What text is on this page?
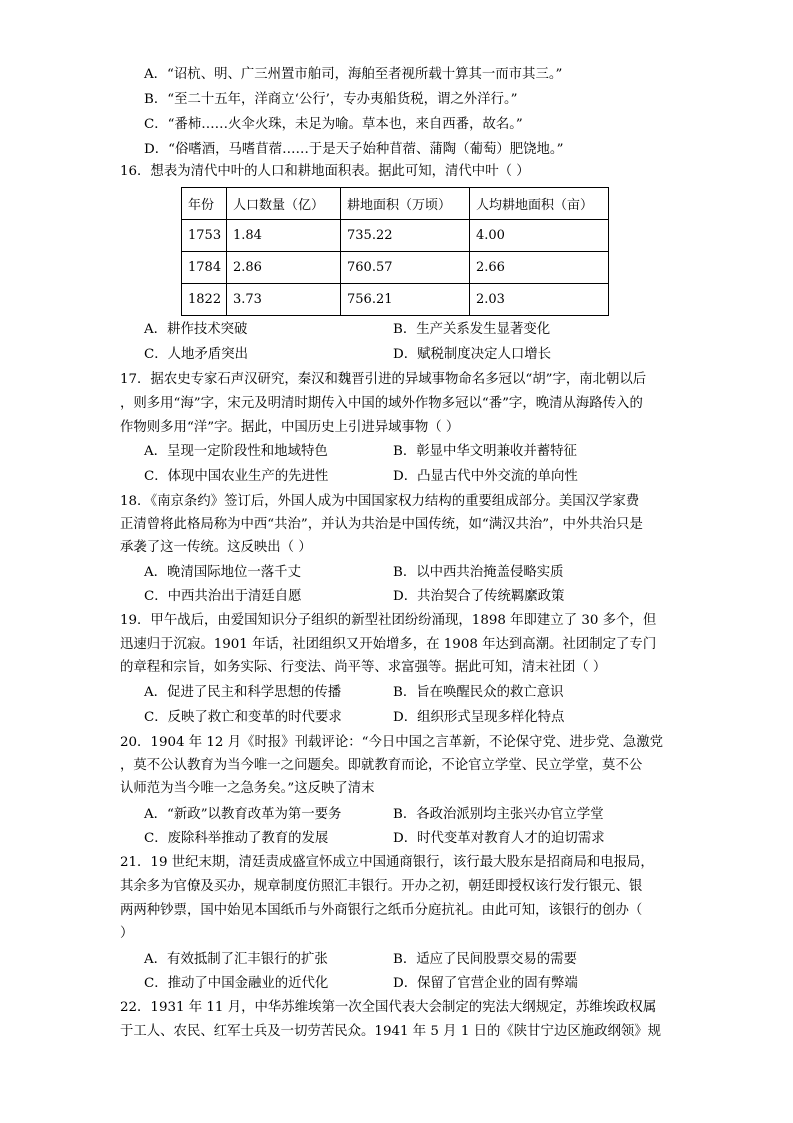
A．“诏杭、明、广三州置市舶司，海舶至者视所载十算其一而市其三。”
B．“至二十五年，洋商立‘公行’，专办夷船货税，谓之外洋行。”
C．“番柿……火伞火珠，未足为喻。草本也，来自西番，故名。”
D．“俗嗜酒，马嗜苜蓿……于是天子始种苜蓿、蒲陶（葡萄）肥饶地。”
16．想表为清代中叶的人口和耕地面积表。据此可知，清代中叶（ ）
年份	人口数量（亿）	耕地面积（万顷）	人均耕地面积（亩）
1753	1.84	735.22	4.00
1784	2.86	760.57	2.66
1822	3.73	756.21	2.03
A．耕作技术突破	B．生产关系发生显著变化
C．人地矛盾突出	D．赋税制度决定人口增长
17．据农史专家石声汉研究，秦汉和魏晋引进的异域事物命名多冠以“胡”字，南北朝以后
，则多用“海”字，宋元及明清时期传入中国的域外作物多冠以“番”字，晚清从海路传入的
作物则多用“洋”字。据此，中国历史上引进异域事物（ ）
A．呈现一定阶段性和地域特色	B．彰显中华文明兼收并蓄特征
C．体现中国农业生产的先进性	D．凸显古代中外交流的单向性
18．《南京条约》签订后，外国人成为中国国家权力结构的重要组成部分。美国汉学家费
正清曾将此格局称为中西“共治”，并认为共治是中国传统，如“满汉共治”，中外共治只是
承袭了这一传统。这反映出（ ）
A．晚清国际地位一落千丈	B．以中西共治掩盖侵略实质
C．中西共治出于清廷自愿	D．共治契合了传统羁縻政策
19．甲午战后，由爱国知识分子组织的新型社团纷纷涌现，1898 年即建立了 30 多个，但
迅速归于沉寂。1901 年话，社团组织又开始增多，在 1908 年达到高潮。社团制定了专门
的章程和宗旨，如务实际、行变法、尚平等、求富强等。据此可知，清末社团（ ）
A．促进了民主和科学思想的传播	B．旨在唤醒民众的救亡意识
C．反映了救亡和变革的时代要求	D．组织形式呈现多样化特点
20．1904 年 12 月《时报》刊载评论：“今日中国之言革新，不论保守党、进步党、急激党
，莫不公认教育为当今唯一之问题矣。即就教育而论，不论官立学堂、民立学堂，莫不公
认师范为当今唯一之急务矣。”这反映了清末
A．“新政”以教育改革为第一要务	B．各政治派别均主张兴办官立学堂
C．废除科举推动了教育的发展	D．时代变革对教育人才的迫切需求
21．19 世纪末期，清廷责成盛宣怀成立中国通商银行，该行最大股东是招商局和电报局，
其余多为官僚及买办，规章制度仿照汇丰银行。开办之初，朝廷即授权该行发行银元、银
两两种钞票，国中始见本国纸币与外商银行之纸币分庭抗礼。由此可知，该银行的创办（
）
A．有效抵制了汇丰银行的扩张	B．适应了民间股票交易的需要
C．推动了中国金融业的近代化	D．保留了官营企业的固有弊端
22．1931 年 11 月，中华苏维埃第一次全国代表大会制定的宪法大纲规定，苏维埃政权属
于工人、农民、红军士兵及一切劳苦民众。1941 年 5 月 1 日的《陕甘宁边区施政纲领》规
